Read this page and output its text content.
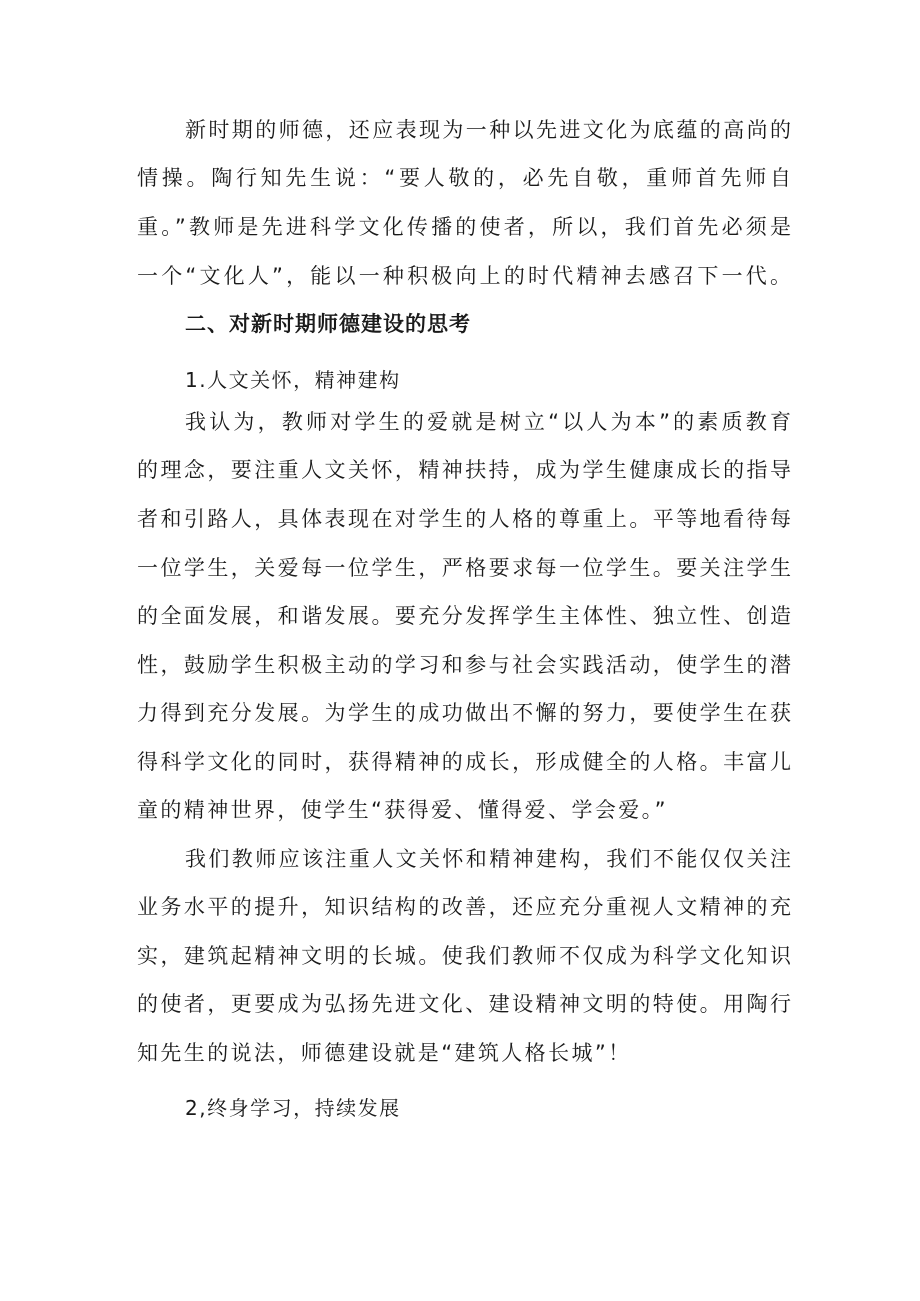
新时期的师德，还应表现为一种以先进文化为底蕴的高尚的
情操。陶行知先生说：“要人敬的，必先自敬，重师首先师自
重。”教师是先进科学文化传播的使者，所以，我们首先必须是
一个“文化人”，能以一种积极向上的时代精神去感召下一代。
二、对新时期师德建设的思考
1.人文关怀，精神建构
我认为，教师对学生的爱就是树立“以人为本”的素质教育
的理念，要注重人文关怀，精神扶持，成为学生健康成长的指导
者和引路人，具体表现在对学生的人格的尊重上。平等地看待每
一位学生，关爱每一位学生，严格要求每一位学生。要关注学生
的全面发展，和谐发展。要充分发挥学生主体性、独立性、创造
性，鼓励学生积极主动的学习和参与社会实践活动，使学生的潜
力得到充分发展。为学生的成功做出不懈的努力，要使学生在获
得科学文化的同时，获得精神的成长，形成健全的人格。丰富儿
童的精神世界，使学生“获得爱、懂得爱、学会爱。”
我们教师应该注重人文关怀和精神建构，我们不能仅仅关注
业务水平的提升，知识结构的改善，还应充分重视人文精神的充
实，建筑起精神文明的长城。使我们教师不仅成为科学文化知识
的使者，更要成为弘扬先进文化、建设精神文明的特使。用陶行
知先生的说法，师德建设就是“建筑人格长城”！
2,终身学习，持续发展
